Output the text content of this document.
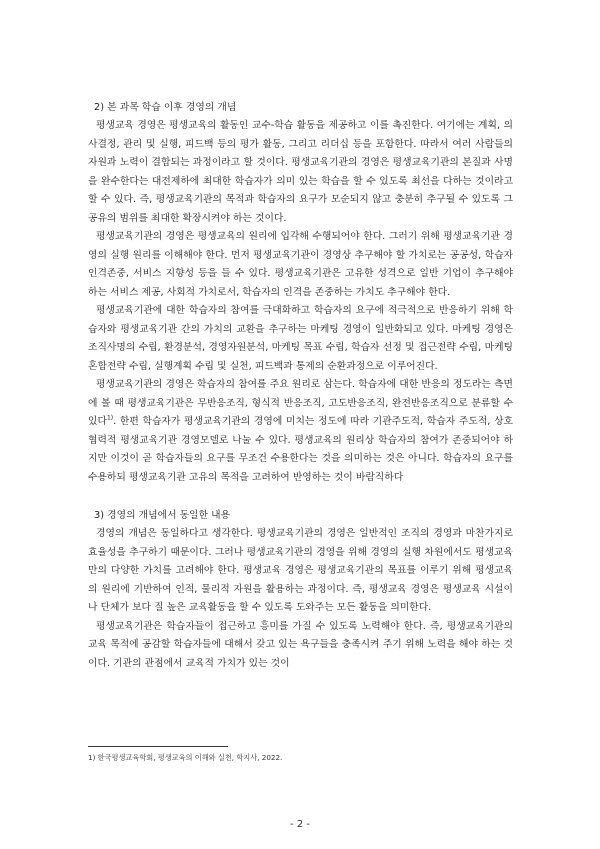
2) 본 과목 학습 이후 경영의 개념

평생교육 경영은 평생교육의 활동인 교수-학습 활동을 제공하고 이를 촉진한다. 여기에는 계획, 의사결정, 관리 및 실행, 피드백 등의 평가 활동, 그리고 리더십 등을 포함한다. 따라서 여러 사람들의 자원과 노력이 결합되는 과정이라고 할 것이다. 평생교육기관의 경영은 평생교육기관의 본질과 사명을 완수한다는 대전제하에 최대한 학습자가 의미 있는 학습을 할 수 있도록 최선을 다하는 것이라고 할 수 있다. 즉, 평생교육기관의 목적과 학습자의 요구가 모순되지 않고 충분히 추구될 수 있도록 그 공유의 범위를 최대한 확장시켜야 하는 것이다.

평생교육기관의 경영은 평생교육의 원리에 입각해 수행되어야 한다. 그러기 위해 평생교육기관 경영의 실행 원리를 이해해야 한다. 먼저 평생교육기관이 경영상 추구해야 할 가치로는 공공성, 학습자 인격존중, 서비스 지향성 등을 들 수 있다. 평생교육기관은 고유한 성격으로 일반 기업이 추구해야 하는 서비스 제공, 사회적 가치로서, 학습자의 인격을 존중하는 가치도 추구해야 한다.

평생교육기관에 대한 학습자의 참여를 극대화하고 학습자의 요구에 적극적으로 반응하기 위해 학습자와 평생교육기관 간의 가치의 교환을 추구하는 마케팅 경영이 일반화되고 있다. 마케팅 경영은 조직사명의 수립, 환경분석, 경영자원분석, 마케팅 목표 수립, 학습자 선정 및 접근전략 수립, 마케팅 혼합전략 수립, 실행계획 수립 및 실천, 피드백과 통제의 순환과정으로 이루어진다.

평생교육기관의 경영은 학습자의 참여를 주요 원리로 삼는다. 학습자에 대한 반응의 정도라는 측면에 볼 때 평생교육기관은 무반응조직, 형식적 반응조직, 고도반응조직, 완전반응조직으로 분류할 수 있다$^{1)}$. 한편 학습자가 평생교육기관의 경영에 미치는 정도에 따라 기관주도적, 학습자 주도적, 상호협력적 평생교육기관 경영모델로 나눌 수 있다. 평생교육의 원리상 학습자의 참여가 존중되어야 하지만 이것이 곧 학습자들의 요구를 무조건 수용한다는 것을 의미하는 것은 아니다. 학습자의 요구를 수용하되 평생교육기관 고유의 목적을 고려하여 반영하는 것이 바람직하다

3) 경영의 개념에서 동일한 내용

경영의 개념은 동일하다고 생각한다. 평생교육기관의 경영은 일반적인 조직의 경영과 마찬가지로 효율성을 추구하기 때문이다. 그러나 평생교육기관의 경영을 위해 경영의 실행 차원에서도 평생교육만의 다양한 가치를 고려해야 한다. 평생교육 경영은 평생교육기관의 목표를 이루기 위해 평생교육의 원리에 기반하여 인적, 물리적 자원을 활용하는 과정이다. 즉, 평생교육 경영은 평생교육 시설이나 단체가 보다 질 높은 교육활동을 할 수 있도록 도와주는 모든 활동을 의미한다.

평생교육기관은 학습자들이 접근하고 흥미를 가질 수 있도록 노력해야 한다. 즉, 평생교육기관의 교육 목적에 공감할 학습자들에 대해서 갖고 있는 욕구들을 충족시켜 주기 위해 노력을 해야 하는 것이다. 기관의 관점에서 교육적 가치가 있는 것이

1) 한국평생교육학회, 평생교육의 이해와 실천, 학지사, 2022.
- 2 -
